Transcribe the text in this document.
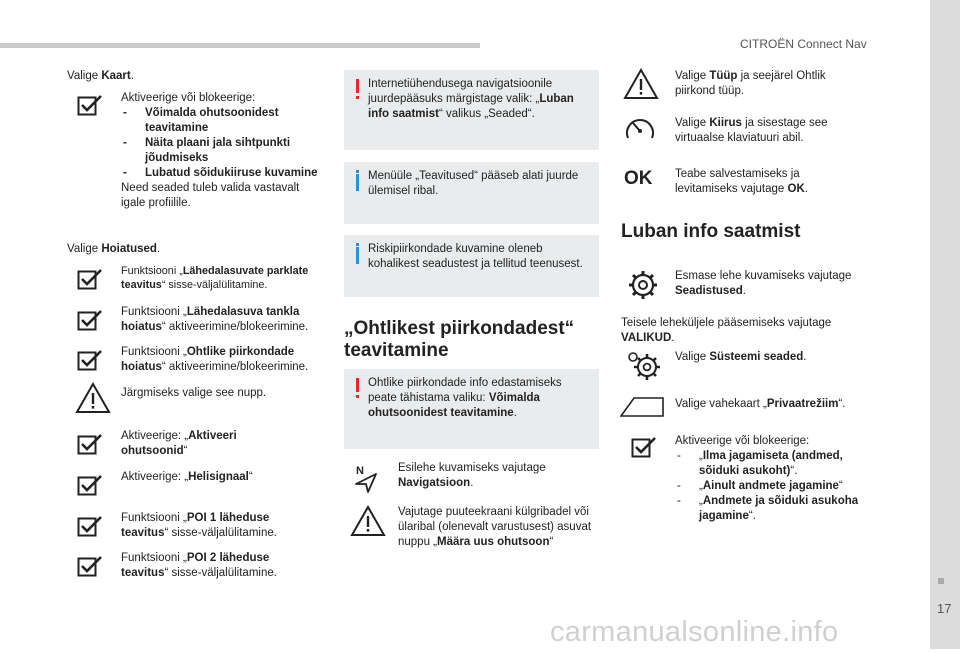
CITROËN Connect Nav
17
carmanualsonline.info
Valige Kaart.
Aktiveerige või blokeerige:
- Võimalda ohutsoonidest teavitamine
- Näita plaani jala sihtpunkti jõudmiseks
- Lubatud sõidukiiruse kuvamine
Need seaded tuleb valida vastavalt igale profiilile.
Valige Hoiatused.
Funktsiooni „Lähedalasuvate parklate teavitus“ sisse-väljalülitamine.
Funktsiooni „Lähedalasuva tankla hoiatus“ aktiveerimine/blokeerimine.
Funktsiooni „Ohtlike piirkondade hoiatus“ aktiveerimine/blokeerimine.
Järgmiseks valige see nupp.
Aktiveerige: „Aktiveeri ohutsoonid“
Aktiveerige: „Helisignaal“
Funktsiooni „POI 1 läheduse teavitus“ sisse-väljalülitamine.
Funktsiooni „POI 2 läheduse teavitus“ sisse-väljalülitamine.
Internetiühendusega navigatsioonile juurdepääsuks märgistage valik: „Luban info saatmist“ valikus „Seaded“.
Menüüle „Teavitused“ pääseb alati juurde ülemisel ribal.
Riskipiirkondade kuvamine oleneb kohalikest seadustest ja tellitud teenusest.
„Ohtlikest piirkondadest“ teavitamine
Ohtlike piirkondade info edastamiseks peate tähistama valiku: Võimalda ohutsoonidest teavitamine.
N	Esilehe kuvamiseks vajutage Navigatsioon.
Vajutage puuteekraani külgribadel või ülaribal (olenevalt varustusest) asuvat nuppu „Määra uus ohutsoon“
Valige Tüüp ja seejärel Ohtlik piirkond tüüp.
Valige Kiirus ja sisestage see virtuaalse klaviatuuri abil.
OK Teabe salvestamiseks ja levitamiseks vajutage OK.
Luban info saatmist
Esmase lehe kuvamiseks vajutage Seadistused.
Teisele leheküljele pääsemiseks vajutage VALIKUD.
Valige Süsteemi seaded.
Valige vahekaart „Privaatrežiim“.
Aktiveerige või blokeerige:
- „Ilma jagamiseta (andmed, sõiduki asukoht)“.
- „Ainult andmete jagamine“
- „Andmete ja sõiduki asukoha jagamine“.
